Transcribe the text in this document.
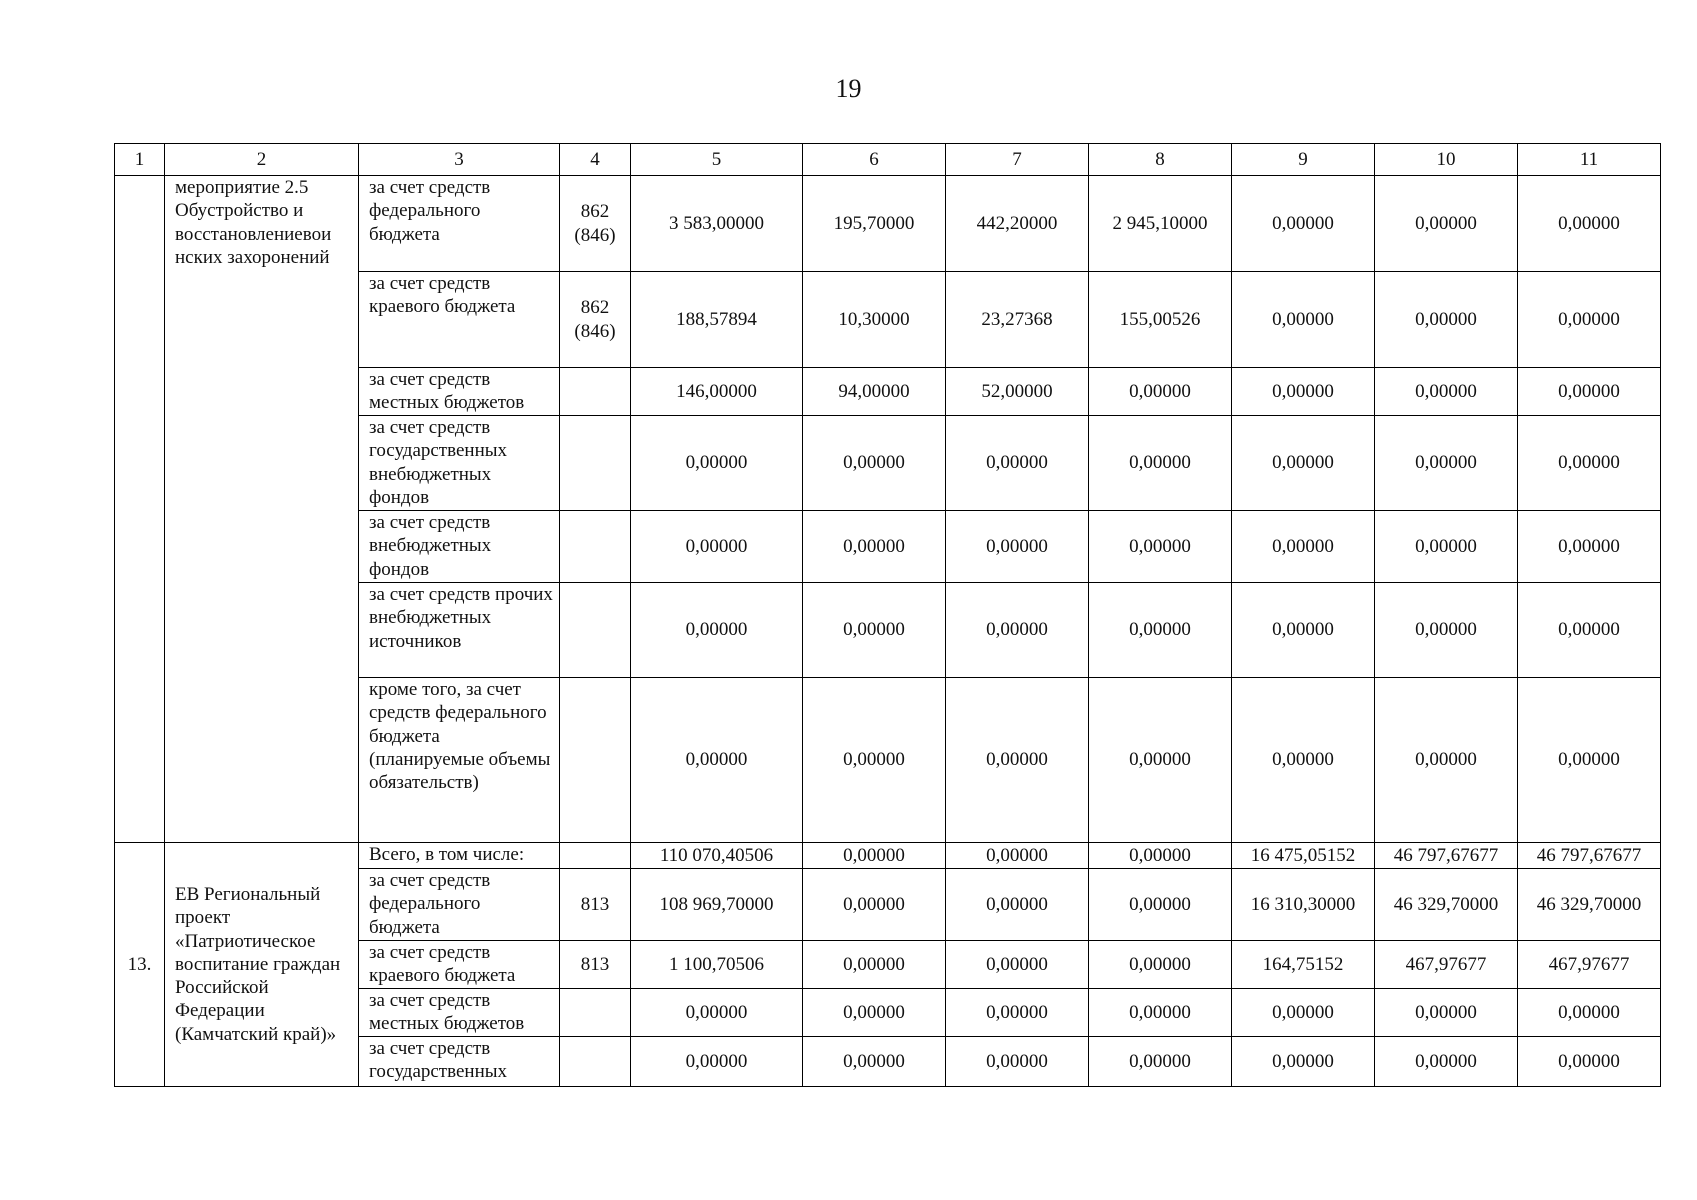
19
1	2	3	4	5	6	7	8	9	10	11
	мероприятие 2.5 Обустройство и восстановлениевои нских захоронений	за счет средств федерального бюджета	862 (846)	3 583,00000	195,70000	442,20000	2 945,10000	0,00000	0,00000	0,00000
		за счет средств краевого бюджета	862 (846)	188,57894	10,30000	23,27368	155,00526	0,00000	0,00000	0,00000
		за счет средств местных бюджетов		146,00000	94,00000	52,00000	0,00000	0,00000	0,00000	0,00000
		за счет средств государственных внебюджетных фондов		0,00000	0,00000	0,00000	0,00000	0,00000	0,00000	0,00000
		за счет средств внебюджетных фондов		0,00000	0,00000	0,00000	0,00000	0,00000	0,00000	0,00000
		за счет средств прочих внебюджетных источников		0,00000	0,00000	0,00000	0,00000	0,00000	0,00000	0,00000
		кроме того, за счет средств федерального бюджета (планируемые объемы обязательств)		0,00000	0,00000	0,00000	0,00000	0,00000	0,00000	0,00000
13.	ЕВ Региональный проект «Патриотическое воспитание граждан Российской Федерации (Камчатский край)»	Всего, в том числе:		110 070,40506	0,00000	0,00000	0,00000	16 475,05152	46 797,67677	46 797,67677
		за счет средств федерального бюджета	813	108 969,70000	0,00000	0,00000	0,00000	16 310,30000	46 329,70000	46 329,70000
		за счет средств краевого бюджета	813	1 100,70506	0,00000	0,00000	0,00000	164,75152	467,97677	467,97677
		за счет средств местных бюджетов		0,00000	0,00000	0,00000	0,00000	0,00000	0,00000	0,00000
		за счет средств государственных		0,00000	0,00000	0,00000	0,00000	0,00000	0,00000	0,00000
